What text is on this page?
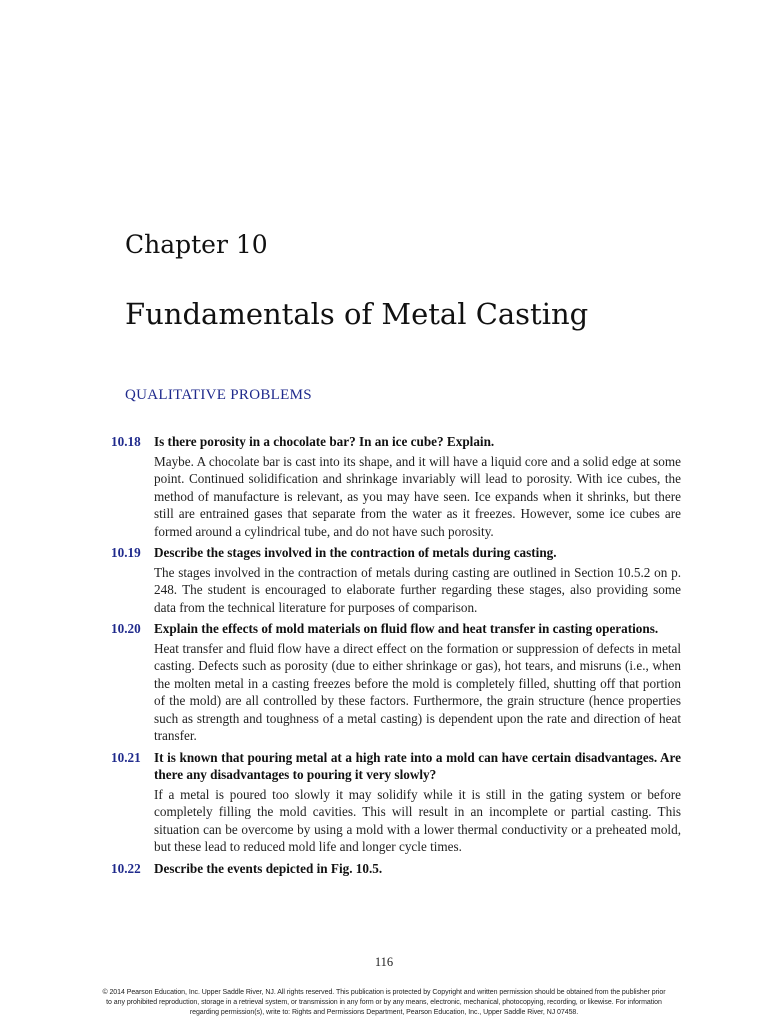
Chapter 10
Fundamentals of Metal Casting
QUALITATIVE PROBLEMS
10.18 Is there porosity in a chocolate bar? In an ice cube? Explain.

Maybe. A chocolate bar is cast into its shape, and it will have a liquid core and a solid edge at some point. Continued solidification and shrinkage invariably will lead to porosity. With ice cubes, the method of manufacture is relevant, as you may have seen. Ice expands when it shrinks, but there still are entrained gases that separate from the water as it freezes. However, some ice cubes are formed around a cylindrical tube, and do not have such porosity.

10.19 Describe the stages involved in the contraction of metals during casting.

The stages involved in the contraction of metals during casting are outlined in Section 10.5.2 on p. 248. The student is encouraged to elaborate further regarding these stages, also providing some data from the technical literature for purposes of comparison.

10.20 Explain the effects of mold materials on fluid flow and heat transfer in casting operations.

Heat transfer and fluid flow have a direct effect on the formation or suppression of defects in metal casting. Defects such as porosity (due to either shrinkage or gas), hot tears, and misruns (i.e., when the molten metal in a casting freezes before the mold is completely filled, shutting off that portion of the mold) are all controlled by these factors. Furthermore, the grain structure (hence properties such as strength and toughness of a metal casting) is dependent upon the rate and direction of heat transfer.

10.21 It is known that pouring metal at a high rate into a mold can have certain disadvantages. Are there any disadvantages to pouring it very slowly?

If a metal is poured too slowly it may solidify while it is still in the gating system or before completely filling the mold cavities. This will result in an incomplete or partial casting. This situation can be overcome by using a mold with a lower thermal conductivity or a preheated mold, but these lead to reduced mold life and longer cycle times.

10.22 Describe the events depicted in Fig. 10.5.

116
© 2014 Pearson Education, Inc. Upper Saddle River, NJ. All rights reserved. This publication is protected by Copyright and written permission should be obtained from the publisher prior to any prohibited reproduction, storage in a retrieval system, or transmission in any form or by any means, electronic, mechanical, photocopying, recording, or likewise. For information regarding permission(s), write to: Rights and Permissions Department, Pearson Education, Inc., Upper Saddle River, NJ 07458.
